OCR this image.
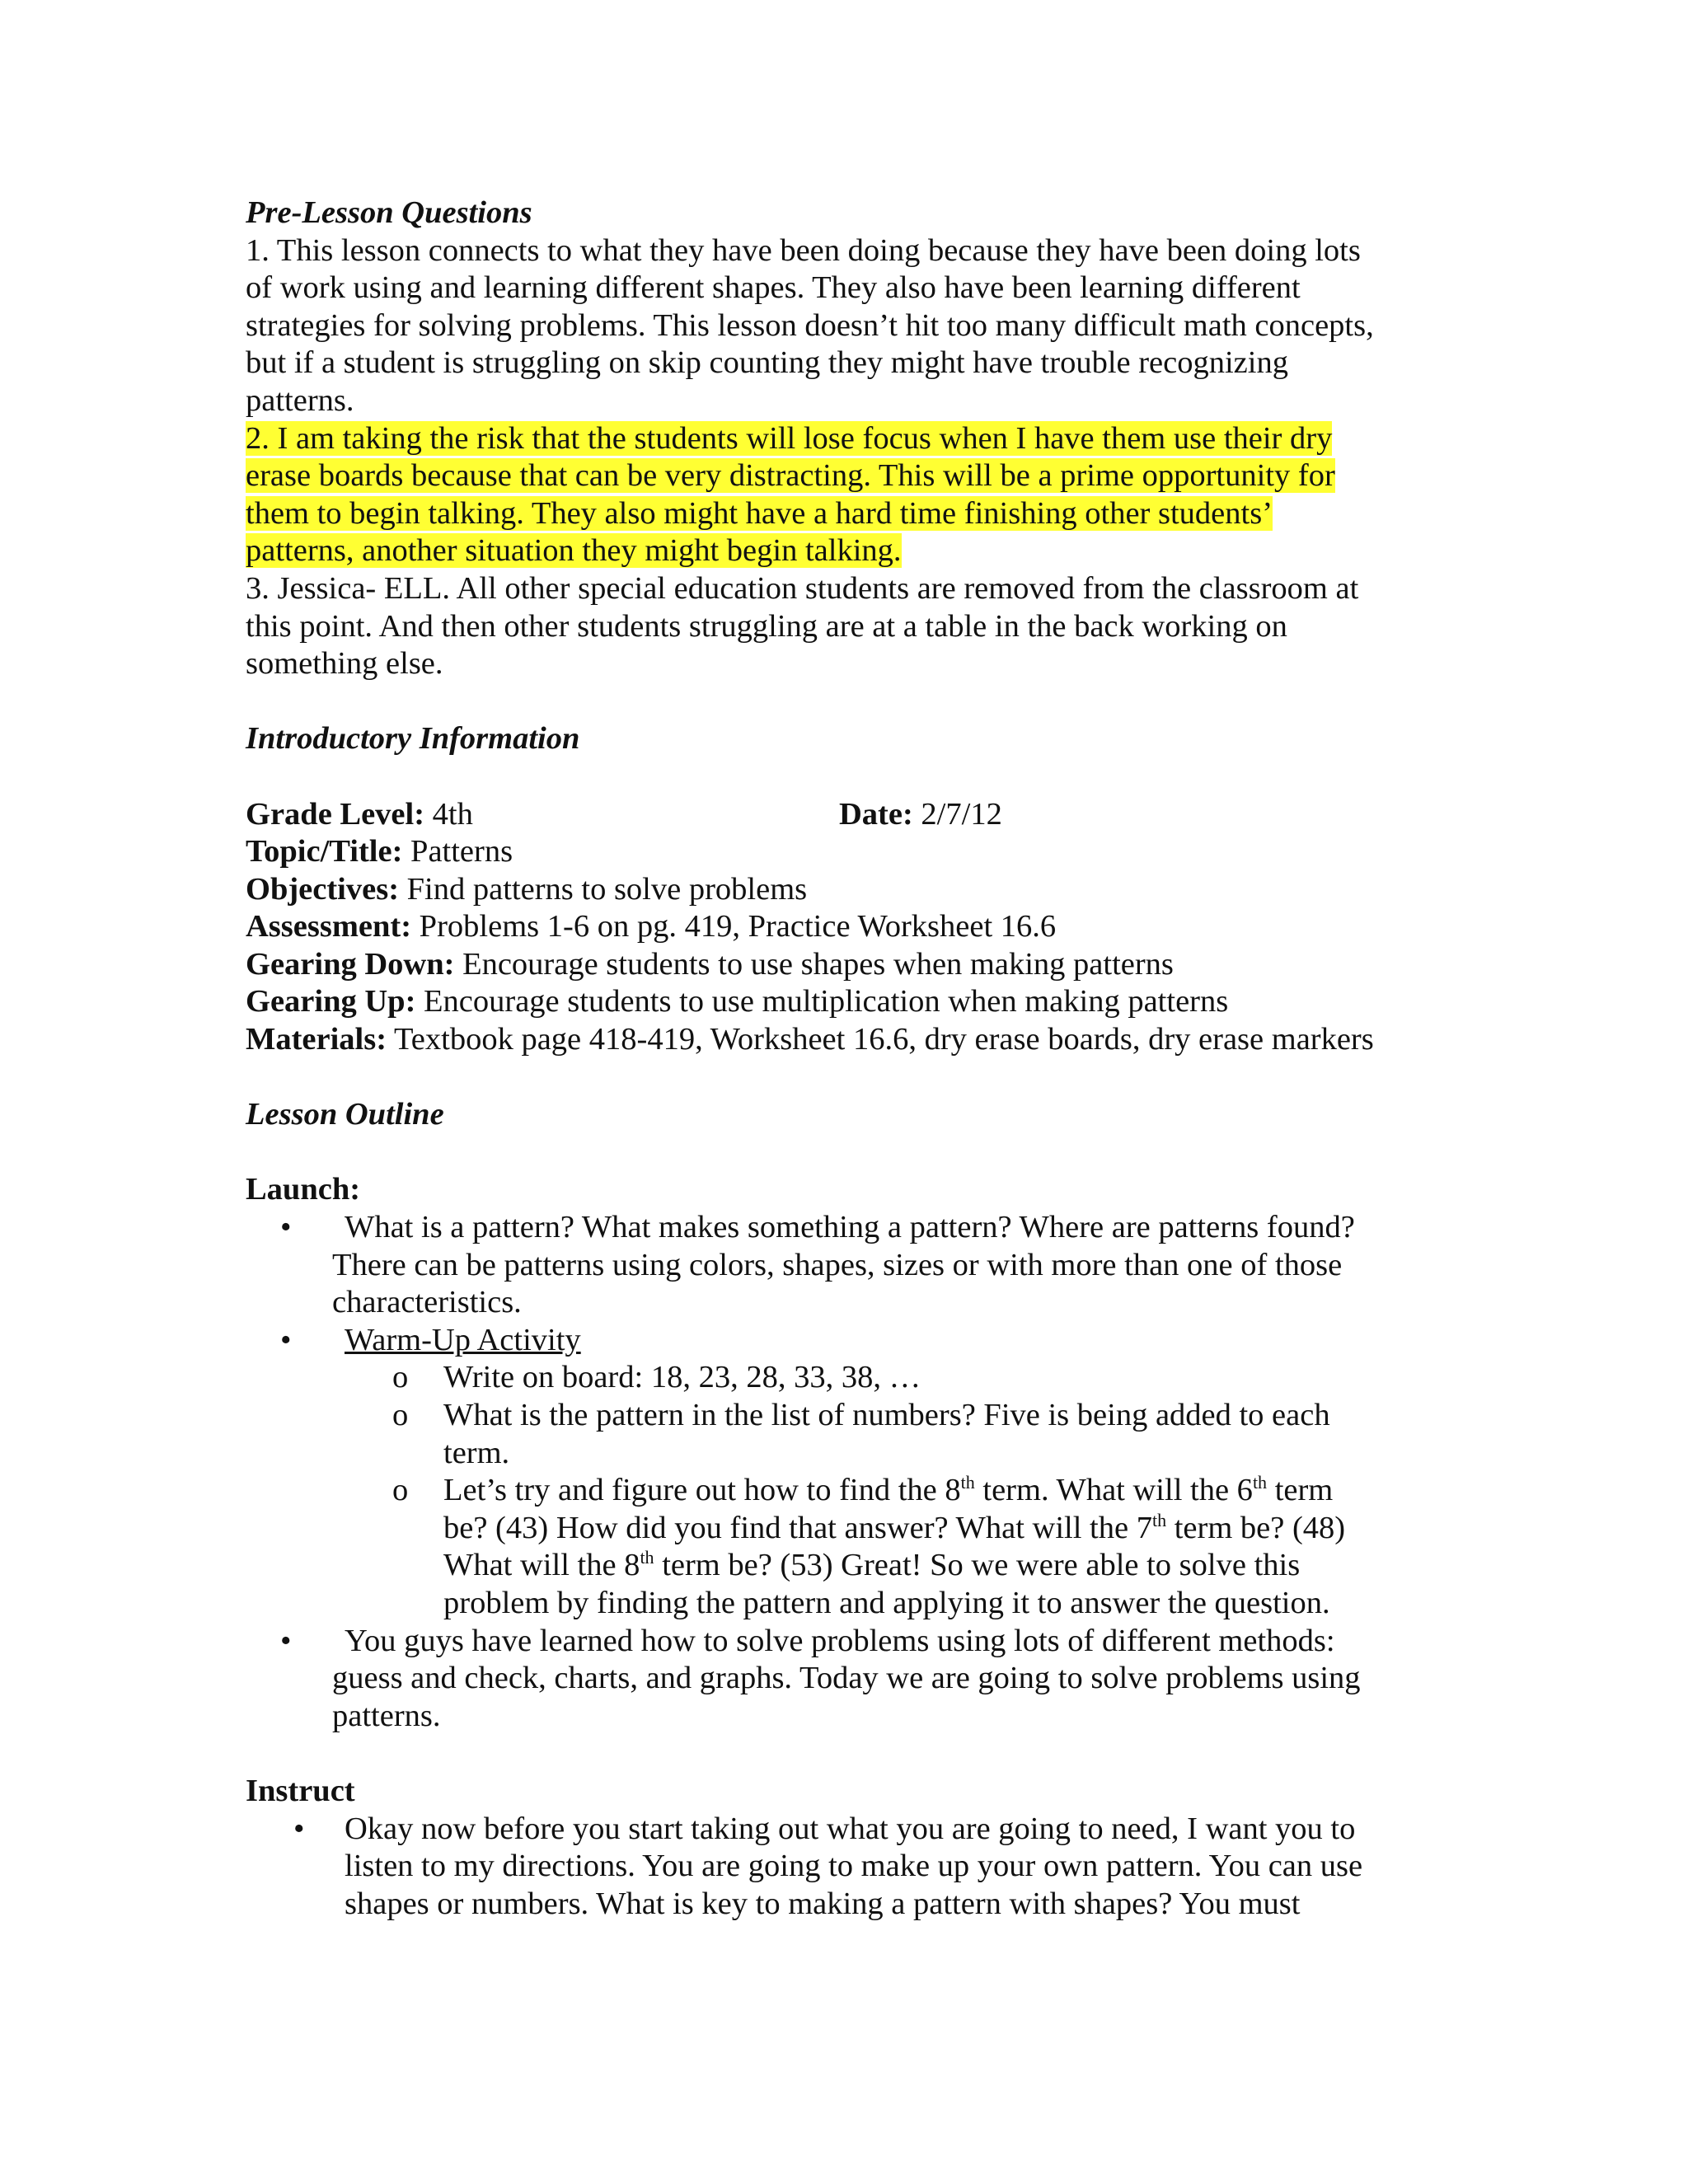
Pre-Lesson Questions
1. This lesson connects to what they have been doing because they have been doing lots
of work using and learning different shapes. They also have been learning different
strategies for solving problems. This lesson doesn’t hit too many difficult math concepts,
but if a student is struggling on skip counting they might have trouble recognizing
patterns.
2. I am taking the risk that the students will lose focus when I have them use their dry
erase boards because that can be very distracting. This will be a prime opportunity for
them to begin talking. They also might have a hard time finishing other students’
patterns, another situation they might begin talking.
3. Jessica- ELL. All other special education students are removed from the classroom at
this point. And then other students struggling are at a table in the back working on
something else.
Introductory Information
Grade Level: 4th	Date: 2/7/12
Topic/Title: Patterns
Objectives: Find patterns to solve problems
Assessment: Problems 1-6 on pg. 419, Practice Worksheet 16.6
Gearing Down: Encourage students to use shapes when making patterns
Gearing Up: Encourage students to use multiplication when making patterns
Materials: Textbook page 418-419, Worksheet 16.6, dry erase boards, dry erase markers
Lesson Outline
Launch:
• What is a pattern? What makes something a pattern? Where are patterns found?
There can be patterns using colors, shapes, sizes or with more than one of those
characteristics.
• Warm-Up Activity
o Write on board: 18, 23, 28, 33, 38, …
o What is the pattern in the list of numbers? Five is being added to each
term.
o Let’s try and figure out how to find the 8th term. What will the 6th term
be? (43) How did you find that answer? What will the 7th term be? (48)
What will the 8th term be? (53) Great! So we were able to solve this
problem by finding the pattern and applying it to answer the question.
• You guys have learned how to solve problems using lots of different methods:
guess and check, charts, and graphs. Today we are going to solve problems using
patterns.
Instruct
• Okay now before you start taking out what you are going to need, I want you to
listen to my directions. You are going to make up your own pattern. You can use
shapes or numbers. What is key to making a pattern with shapes? You must
